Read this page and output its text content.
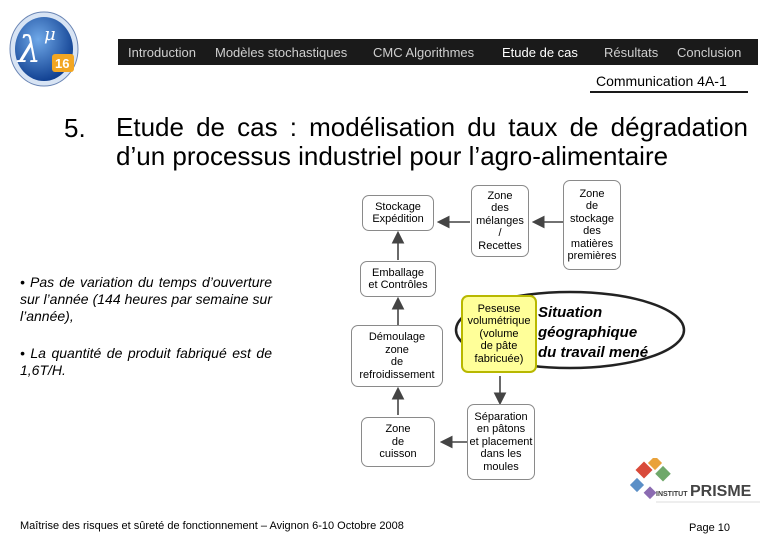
λ μ
16
Introduction Modèles stochastiques CMC Algorithmes Etude de cas Résultats Conclusion
Communication 4A-1
5. Etude de cas : modélisation du taux de dégradation d’un processus industriel pour l’agro-alimentaire
• Pas de variation du temps d’ouverture sur l’année (144 heures par semaine sur l’année),
• La quantité de produit fabriqué est de 1,6T/H.
Stockage
Expédition
Zone
des
mélanges
/
Recettes
Zone
de
stockage
des
matières
premières
Emballage
et Contrôles
Peseuse
volumétrique
(volume
de pâte
fabricuée)
Situation
géographique
du travail mené
Démoulage
zone
de
refroidissement
Séparation
en pâtons
et placement
dans les
moules
Zone
de
cuisson
INSTITUT PRISME
Maîtrise des risques et sûreté de fonctionnement – Avignon 6-10 Octobre 2008	Page 10
